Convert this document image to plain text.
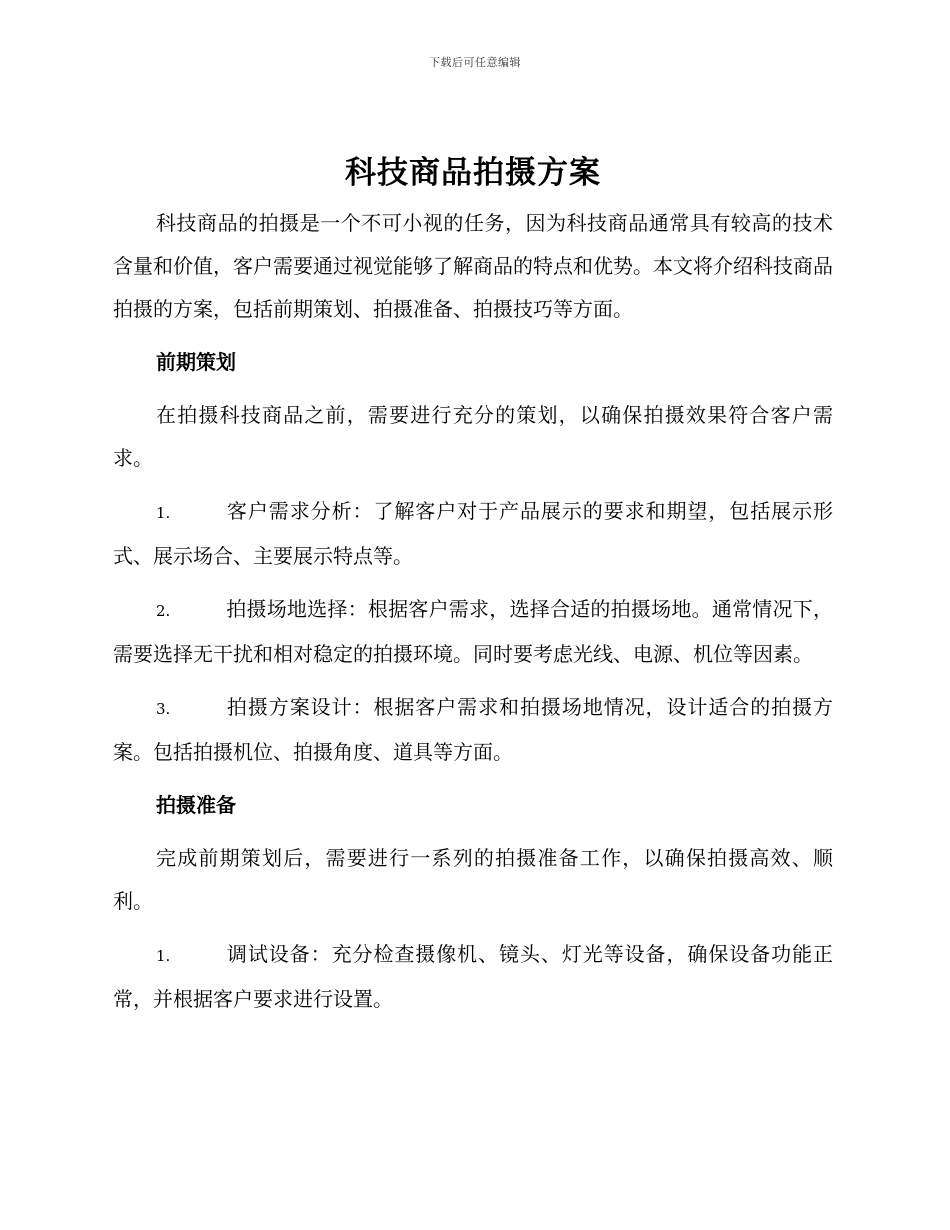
下载后可任意编辑
科技商品拍摄方案

科技商品的拍摄是一个不可小视的任务，因为科技商品通常具有较高的技术含量和价值，客户需要通过视觉能够了解商品的特点和优势。本文将介绍科技商品拍摄的方案，包括前期策划、拍摄准备、拍摄技巧等方面。

前期策划

在拍摄科技商品之前，需要进行充分的策划，以确保拍摄效果符合客户需求。

1.	客户需求分析：了解客户对于产品展示的要求和期望，包括展示形式、展示场合、主要展示特点等。

2.	拍摄场地选择：根据客户需求，选择合适的拍摄场地。通常情况下，需要选择无干扰和相对稳定的拍摄环境。同时要考虑光线、电源、机位等因素。

3.	拍摄方案设计：根据客户需求和拍摄场地情况，设计适合的拍摄方案。包括拍摄机位、拍摄角度、道具等方面。

拍摄准备

完成前期策划后，需要进行一系列的拍摄准备工作，以确保拍摄高效、顺利。

1.	调试设备：充分检查摄像机、镜头、灯光等设备，确保设备功能正常，并根据客户要求进行设置。
